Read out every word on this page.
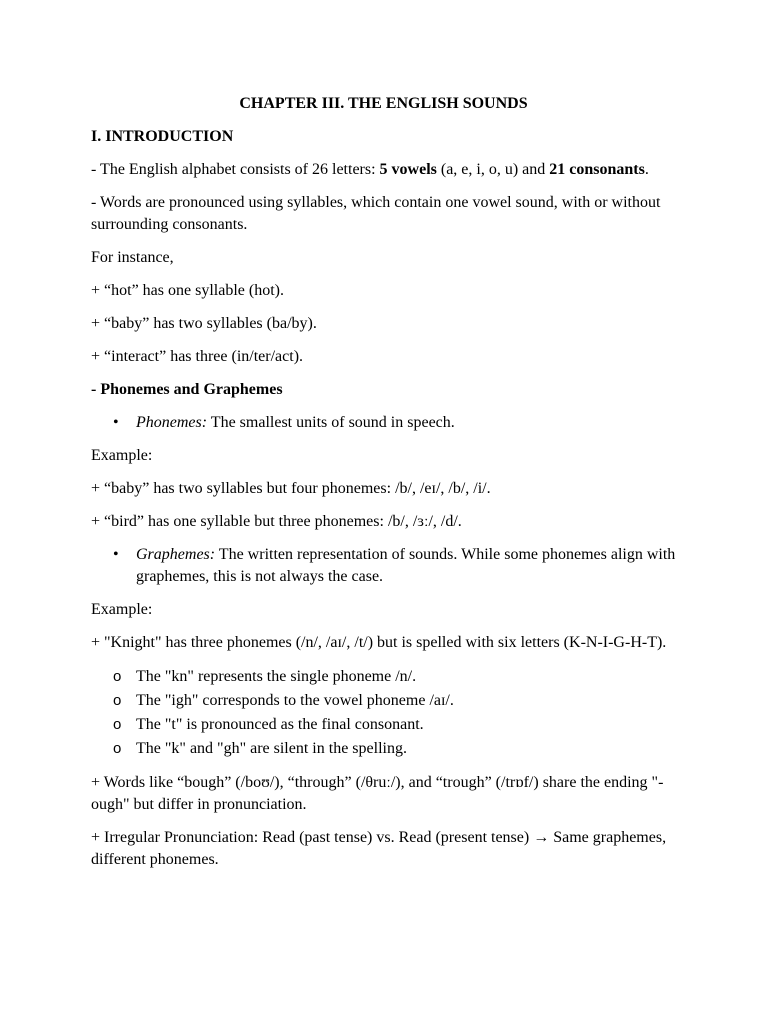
CHAPTER III. THE ENGLISH SOUNDS

I. INTRODUCTION

- The English alphabet consists of 26 letters: 5 vowels (a, e, i, o, u) and 21 consonants.

- Words are pronounced using syllables, which contain one vowel sound, with or without surrounding consonants.

For instance,

+ “hot” has one syllable (hot).

+ “baby” has two syllables (ba/by).

+ “interact” has three (in/ter/act).

- Phonemes and Graphemes

• Phonemes: The smallest units of sound in speech.

Example:

+ “baby” has two syllables but four phonemes: /b/, /eɪ/, /b/, /i/.

+ “bird” has one syllable but three phonemes: /b/, /ɜː/, /d/.

• Graphemes: The written representation of sounds. While some phonemes align with graphemes, this is not always the case.

Example:

+ "Knight" has three phonemes (/n/, /aɪ/, /t/) but is spelled with six letters (K-N-I-G-H-T).

o The "kn" represents the single phoneme /n/.
o The "igh" corresponds to the vowel phoneme /aɪ/.
o The "t" is pronounced as the final consonant.
o The "k" and "gh" are silent in the spelling.

+ Words like “bough” (/boʊ/), “through” (/θruː/), and “trough” (/trɒf/) share the ending "-ough" but differ in pronunciation.

+ Irregular Pronunciation: Read (past tense) vs. Read (present tense) → Same graphemes, different phonemes.
